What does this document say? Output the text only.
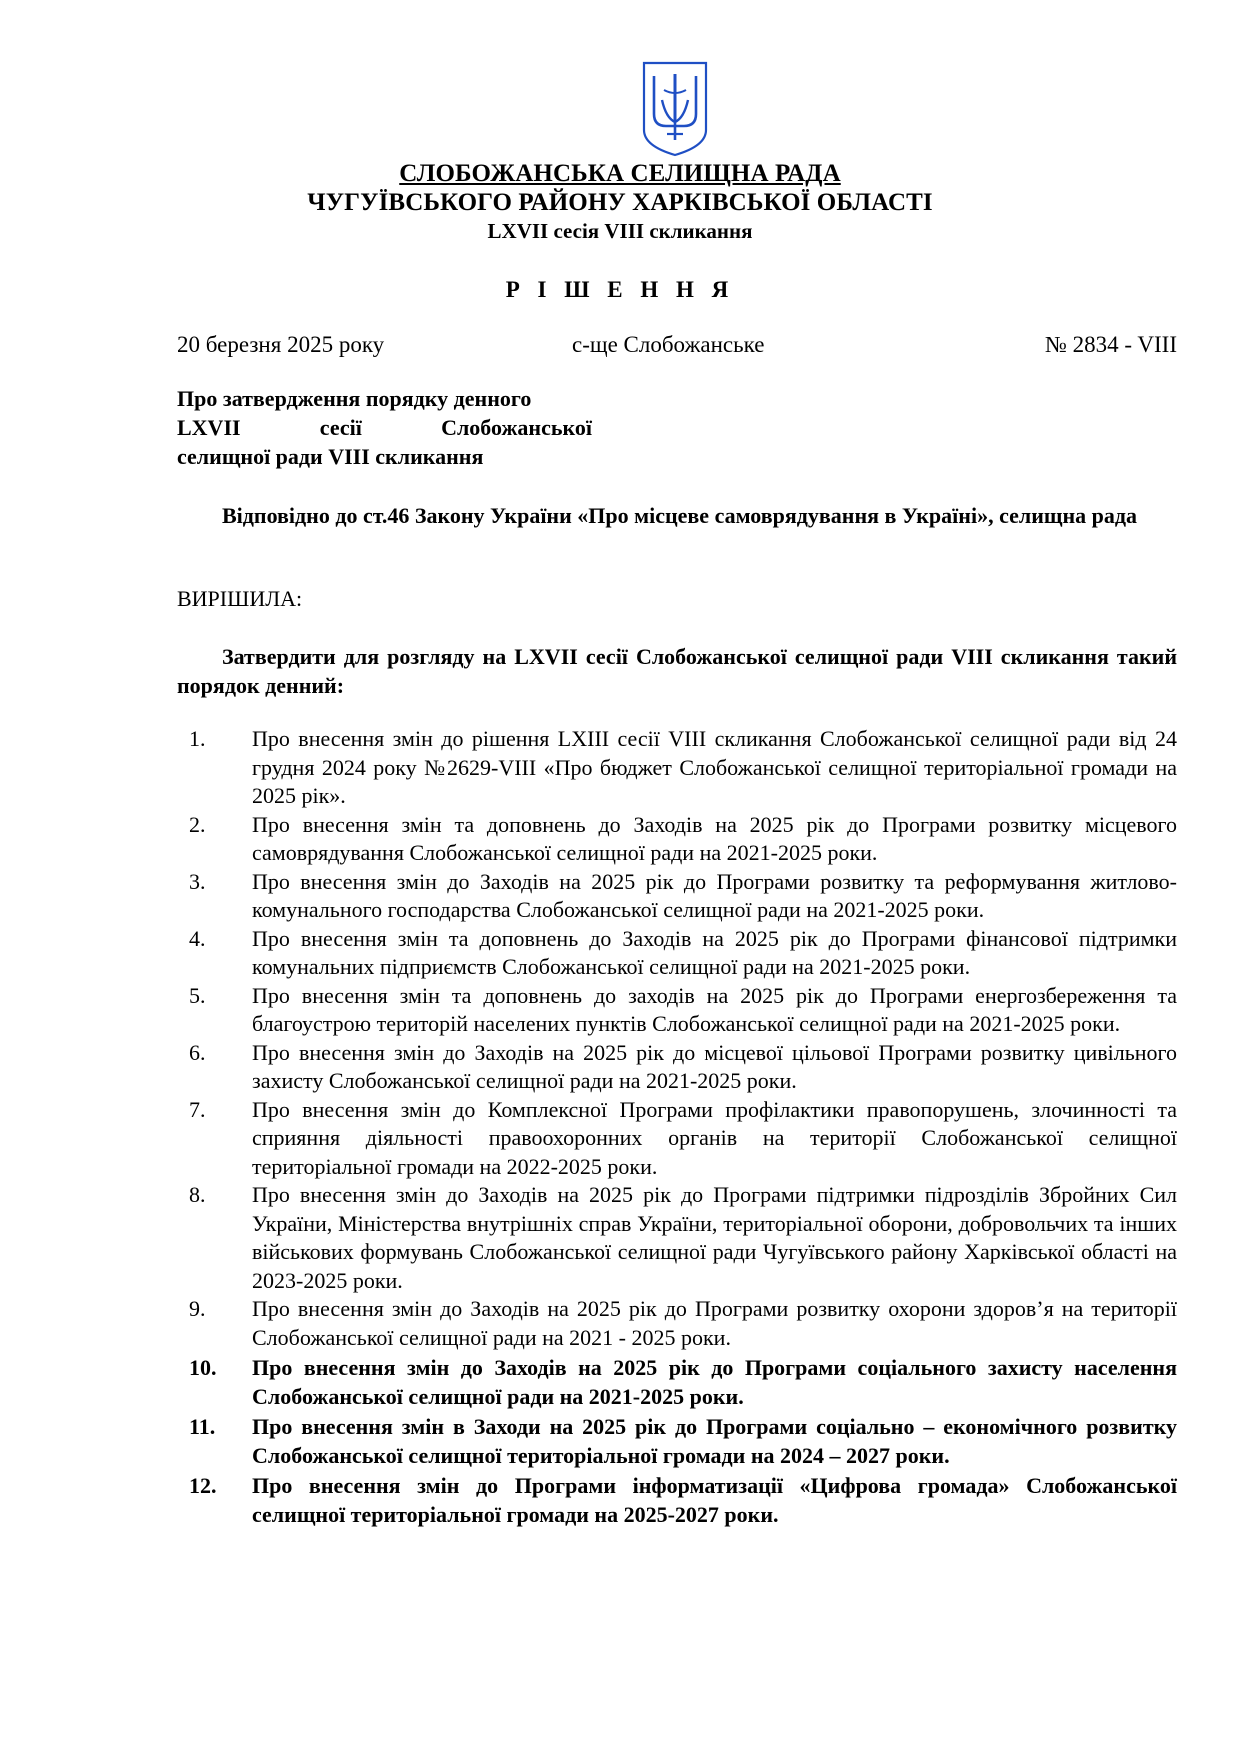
СЛОБОЖАНСЬКА СЕЛИЩНА РАДА
ЧУГУЇВСЬКОГО РАЙОНУ ХАРКІВСЬКОЇ ОБЛАСТІ
LXVII сесія VIII скликання
Р І Ш Е Н Н Я
20 березня 2025 року	с-ще Слобожанське	№ 2834 - VIII
Про затвердження порядку денного
LXVII сесії Слобожанської
селищної ради VIII скликання
Відповідно до ст.46 Закону України «Про місцеве самоврядування в Україні», селищна рада
ВИРІШИЛА:
Затвердити для розгляду на LXVII сесії Слобожанської селищної ради VIII скликання такий порядок денний:
1. Про внесення змін до рішення LXIII сесії VIII скликання Слобожанської селищної ради від 24 грудня 2024 року №2629-VIII «Про бюджет Слобожанської селищної територіальної громади на 2025 рік».
2. Про внесення змін та доповнень до Заходів на 2025 рік до Програми розвитку місцевого самоврядування Слобожанської селищної ради на 2021-2025 роки.
3. Про внесення змін до Заходів на 2025 рік до Програми розвитку та реформування житлово-комунального господарства Слобожанської селищної ради на 2021-2025 роки.
4. Про внесення змін та доповнень до Заходів на 2025 рік до Програми фінансової підтримки комунальних підприємств Слобожанської селищної ради на 2021-2025 роки.
5. Про внесення змін та доповнень до заходів на 2025 рік до Програми енергозбереження та благоустрою територій населених пунктів Слобожанської селищної ради на 2021-2025 роки.
6. Про внесення змін до Заходів на 2025 рік до місцевої цільової Програми розвитку цивільного захисту Слобожанської селищної ради на 2021-2025 роки.
7. Про внесення змін до Комплексної Програми профілактики правопорушень, злочинності та сприяння діяльності правоохоронних органів на території Слобожанської селищної територіальної громади на 2022-2025 роки.
8. Про внесення змін до Заходів на 2025 рік до Програми підтримки підрозділів Збройних Сил України, Міністерства внутрішніх справ України, територіальної оборони, добровольчих та інших військових формувань Слобожанської селищної ради Чугуївського району Харківської області на 2023-2025 роки.
9. Про внесення змін до Заходів на 2025 рік до Програми розвитку охорони здоров’я на території Слобожанської селищної ради на 2021 - 2025 роки.
10. Про внесення змін до Заходів на 2025 рік до Програми соціального захисту населення Слобожанської селищної ради на 2021-2025 роки.
11. Про внесення змін в Заходи на 2025 рік до Програми соціально – економічного розвитку Слобожанської селищної територіальної громади на 2024 – 2027 роки.
12. Про внесення змін до Програми інформатизації «Цифрова громада» Слобожанської селищної територіальної громади на 2025-2027 роки.
